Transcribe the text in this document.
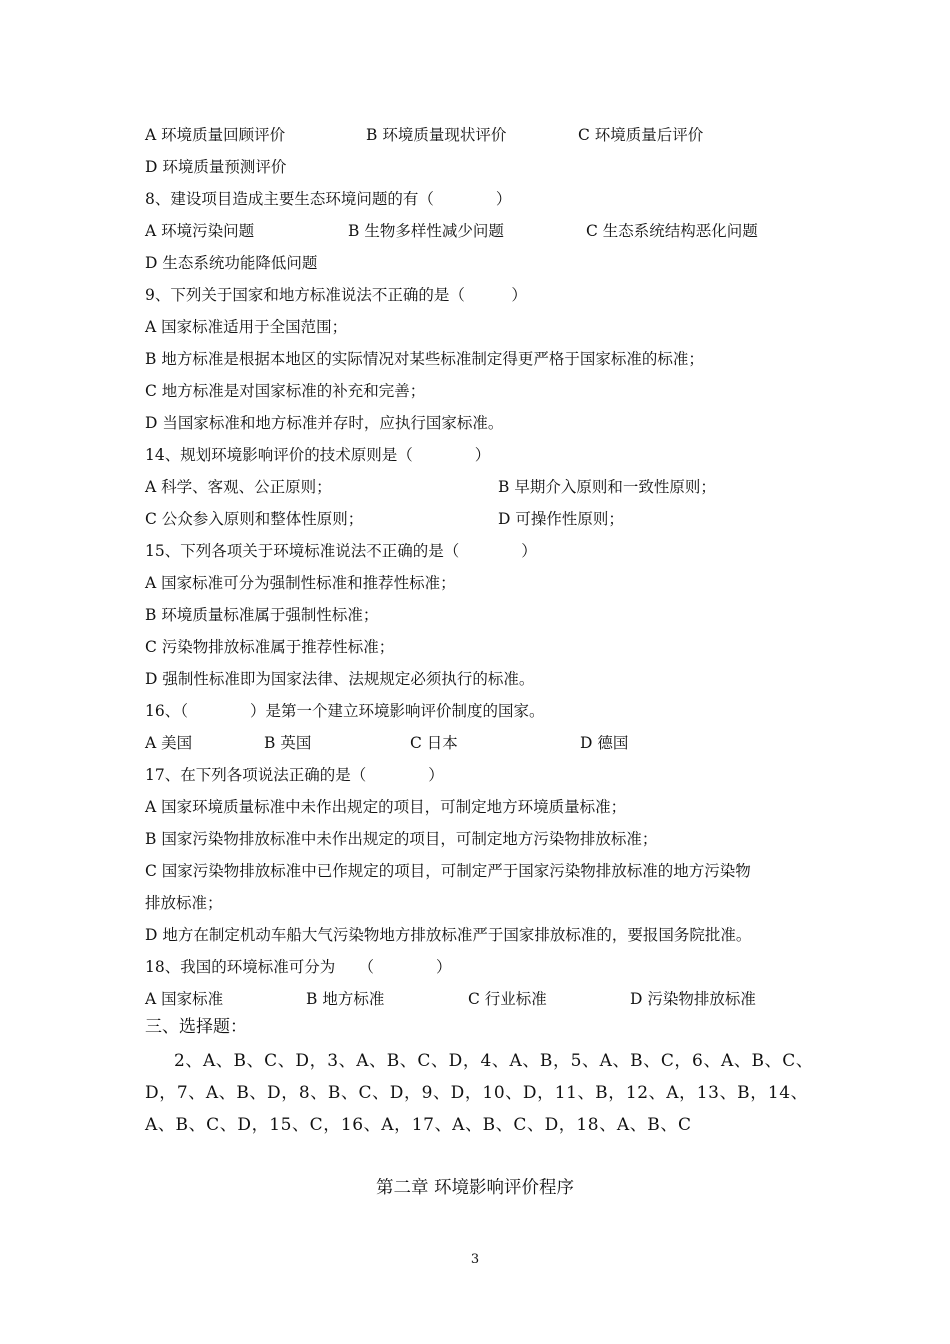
A 环境质量回顾评价	B 环境质量现状评价	C 环境质量后评价
D 环境质量预测评价
8、建设项目造成主要生态环境问题的有（　　　　）
A 环境污染问题	B 生物多样性减少问题	C 生态系统结构恶化问题
D 生态系统功能降低问题
9、下列关于国家和地方标准说法不正确的是（　　　）
A 国家标准适用于全国范围；
B 地方标准是根据本地区的实际情况对某些标准制定得更严格于国家标准的标准；
C 地方标准是对国家标准的补充和完善；
D 当国家标准和地方标准并存时，应执行国家标准。
14、规划环境影响评价的技术原则是（　　　　）
A 科学、客观、公正原则；	B 早期介入原则和一致性原则；
C 公众参入原则和整体性原则；	D 可操作性原则；
15、下列各项关于环境标准说法不正确的是（　　　　）
A 国家标准可分为强制性标准和推荐性标准；
B 环境质量标准属于强制性标准；
C 污染物排放标准属于推荐性标准；
D 强制性标准即为国家法律、法规规定必须执行的标准。
16、（　　　　）是第一个建立环境影响评价制度的国家。
A 美国	B 英国	C 日本	D 德国
17、在下列各项说法正确的是（　　　　）
A 国家环境质量标准中未作出规定的项目，可制定地方环境质量标准；
B 国家污染物排放标准中未作出规定的项目，可制定地方污染物排放标准；
C 国家污染物排放标准中已作规定的项目，可制定严于国家污染物排放标准的地方污染物
排放标准；
D 地方在制定机动车船大气污染物地方排放标准严于国家排放标准的，要报国务院批准。
18、我国的环境标准可分为　　（　　　　）
A 国家标准	B 地方标准	C 行业标准	D 污染物排放标准
三、选择题：
2、A、B、C、D，3、A、B、C、D，4、A、B，5、A、B、C，6、A、B、C、
D，7、A、B、D，8、B、C、D，9、D，10、D，11、B，12、A，13、B，14、
A、B、C、D，15、C，16、A，17、A、B、C、D，18、A、B、C
第二章 环境影响评价程序
3
